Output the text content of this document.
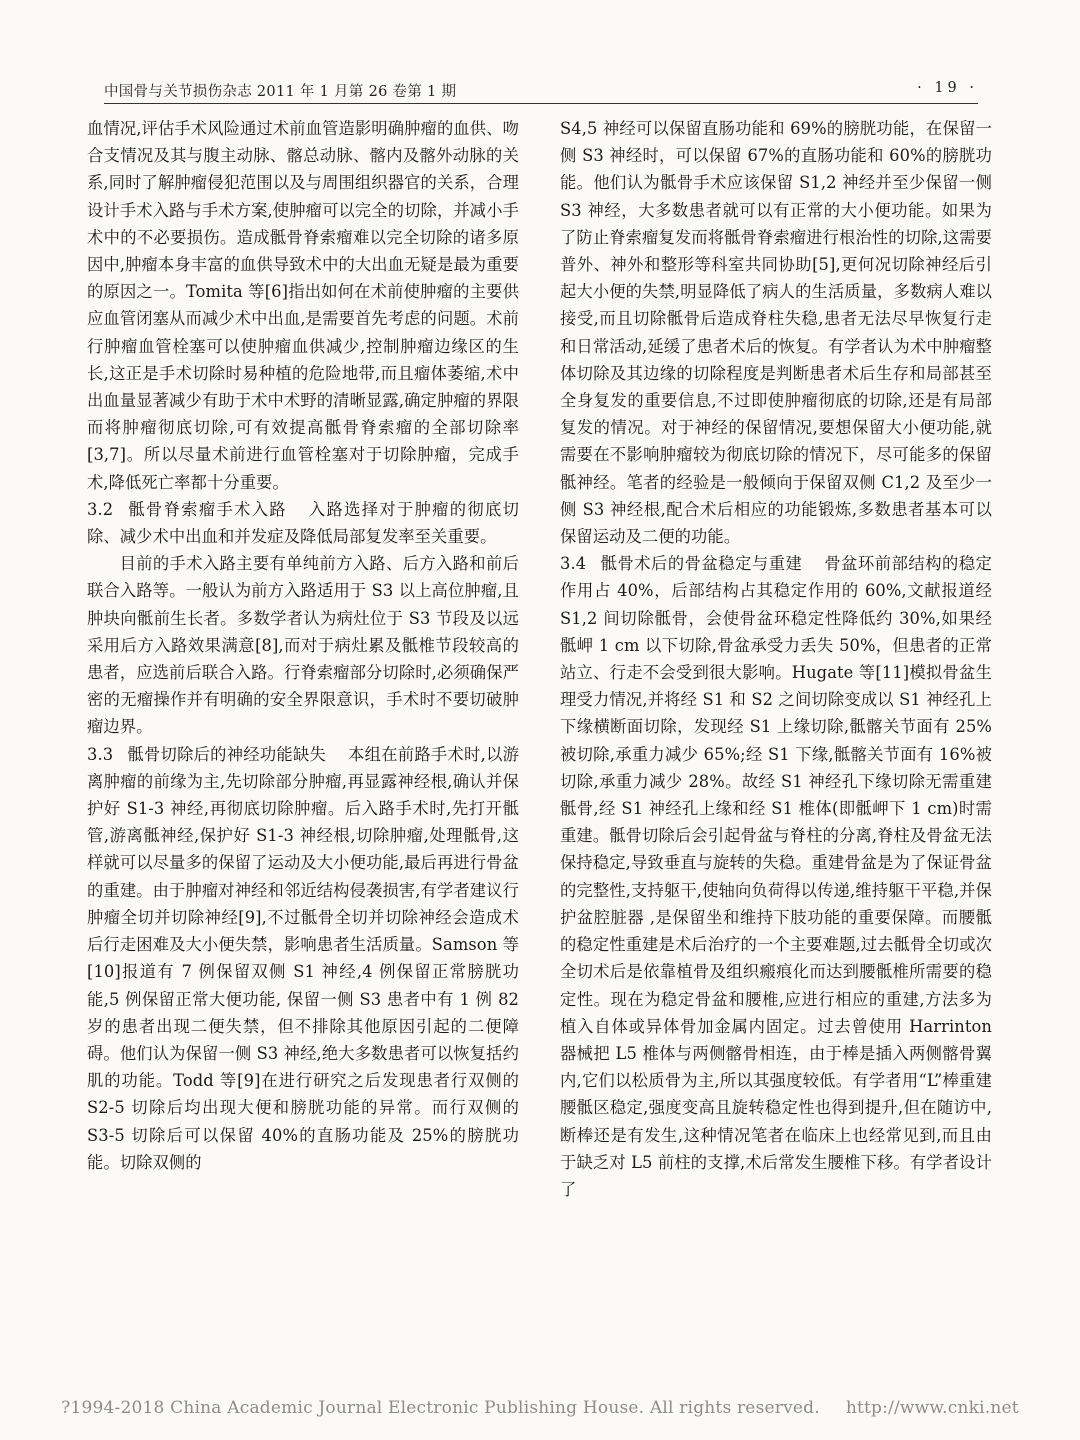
中国骨与关节损伤杂志 2011 年 1 月第 26 卷第 1 期	· 19 ·

血情况,评估手术风险通过术前血管造影明确肿瘤的血供、吻合支情况及其与腹主动脉、髂总动脉、髂内及髂外动脉的关系,同时了解肿瘤侵犯范围以及与周围组织器官的关系，合理设计手术入路与手术方案,使肿瘤可以完全的切除，并减小手术中的不必要损伤。造成骶骨脊索瘤难以完全切除的诸多原因中,肿瘤本身丰富的血供导致术中的大出血无疑是最为重要的原因之一。Tomita 等[6]指出如何在术前使肿瘤的主要供应血管闭塞从而减少术中出血,是需要首先考虑的问题。术前行肿瘤血管栓塞可以使肿瘤血供减少,控制肿瘤边缘区的生长,这正是手术切除时易种植的危险地带,而且瘤体萎缩,术中出血量显著减少有助于术中术野的清晰显露,确定肿瘤的界限而将肿瘤彻底切除,可有效提高骶骨脊索瘤的全部切除率[3,7]。所以尽量术前进行血管栓塞对于切除肿瘤，完成手术,降低死亡率都十分重要。

3.2 骶骨脊索瘤手术入路 入路选择对于肿瘤的彻底切除、减少术中出血和并发症及降低局部复发率至关重要。

目前的手术入路主要有单纯前方入路、后方入路和前后联合入路等。一般认为前方入路适用于 S3 以上高位肿瘤,且肿块向骶前生长者。多数学者认为病灶位于 S3 节段及以远采用后方入路效果满意[8],而对于病灶累及骶椎节段较高的患者，应选前后联合入路。行脊索瘤部分切除时,必须确保严密的无瘤操作并有明确的安全界限意识，手术时不要切破肿瘤边界。

3.3 骶骨切除后的神经功能缺失 本组在前路手术时,以游离肿瘤的前缘为主,先切除部分肿瘤,再显露神经根,确认并保护好 S1-3 神经,再彻底切除肿瘤。后入路手术时,先打开骶管,游离骶神经,保护好 S1-3 神经根,切除肿瘤,处理骶骨,这样就可以尽量多的保留了运动及大小便功能,最后再进行骨盆的重建。由于肿瘤对神经和邻近结构侵袭损害,有学者建议行肿瘤全切并切除神经[9],不过骶骨全切并切除神经会造成术后行走困难及大小便失禁，影响患者生活质量。Samson 等[10]报道有 7 例保留双侧 S1 神经,4 例保留正常膀胱功能,5 例保留正常大便功能, 保留一侧 S3 患者中有 1 例 82 岁的患者出现二便失禁，但不排除其他原因引起的二便障碍。他们认为保留一侧 S3 神经,绝大多数患者可以恢复括约肌的功能。Todd 等[9]在进行研究之后发现患者行双侧的 S2-5 切除后均出现大便和膀胱功能的异常。而行双侧的 S3-5 切除后可以保留 40%的直肠功能及 25%的膀胱功能。切除双侧的

S4,5 神经可以保留直肠功能和 69%的膀胱功能，在保留一侧 S3 神经时，可以保留 67%的直肠功能和 60%的膀胱功能。他们认为骶骨手术应该保留 S1,2 神经并至少保留一侧 S3 神经，大多数患者就可以有正常的大小便功能。如果为了防止脊索瘤复发而将骶骨脊索瘤进行根治性的切除,这需要普外、神外和整形等科室共同协助[5],更何况切除神经后引起大小便的失禁,明显降低了病人的生活质量，多数病人难以接受,而且切除骶骨后造成脊柱失稳,患者无法尽早恢复行走和日常活动,延缓了患者术后的恢复。有学者认为术中肿瘤整体切除及其边缘的切除程度是判断患者术后生存和局部甚至全身复发的重要信息,不过即使肿瘤彻底的切除,还是有局部复发的情况。对于神经的保留情况,要想保留大小便功能,就需要在不影响肿瘤较为彻底切除的情况下，尽可能多的保留骶神经。笔者的经验是一般倾向于保留双侧 C1,2 及至少一侧 S3 神经根,配合术后相应的功能锻炼,多数患者基本可以保留运动及二便的功能。

3.4 骶骨术后的骨盆稳定与重建 骨盆环前部结构的稳定作用占 40%，后部结构占其稳定作用的 60%,文献报道经S1,2 间切除骶骨，会使骨盆环稳定性降低约 30%,如果经骶岬 1 cm 以下切除,骨盆承受力丢失 50%，但患者的正常站立、行走不会受到很大影响。Hugate 等[11]模拟骨盆生理受力情况,并将经 S1 和 S2 之间切除变成以 S1 神经孔上下缘横断面切除，发现经 S1 上缘切除,骶髂关节面有 25%被切除,承重力减少 65%;经 S1 下缘,骶髂关节面有 16%被切除,承重力减少 28%。故经 S1 神经孔下缘切除无需重建骶骨,经 S1 神经孔上缘和经 S1 椎体(即骶岬下 1 cm)时需重建。骶骨切除后会引起骨盆与脊柱的分离,脊柱及骨盆无法保持稳定,导致垂直与旋转的失稳。重建骨盆是为了保证骨盆的完整性,支持躯干,使轴向负荷得以传递,维持躯干平稳,并保护盆腔脏器 ,是保留坐和维持下肢功能的重要保障。而腰骶的稳定性重建是术后治疗的一个主要难题,过去骶骨全切或次全切术后是依靠植骨及组织瘢痕化而达到腰骶椎所需要的稳定性。现在为稳定骨盆和腰椎,应进行相应的重建,方法多为植入自体或异体骨加金属内固定。过去曾使用 Harrinton 器械把 L5 椎体与两侧髂骨相连，由于棒是插入两侧髂骨翼内,它们以松质骨为主,所以其强度较低。有学者用“L”棒重建腰骶区稳定,强度变高且旋转稳定性也得到提升,但在随访中,断棒还是有发生,这种情况笔者在临床上也经常见到,而且由于缺乏对 L5 前柱的支撑,术后常发生腰椎下移。有学者设计了

?1994-2018 China Academic Journal Electronic Publishing House. All rights reserved. http://www.cnki.net
